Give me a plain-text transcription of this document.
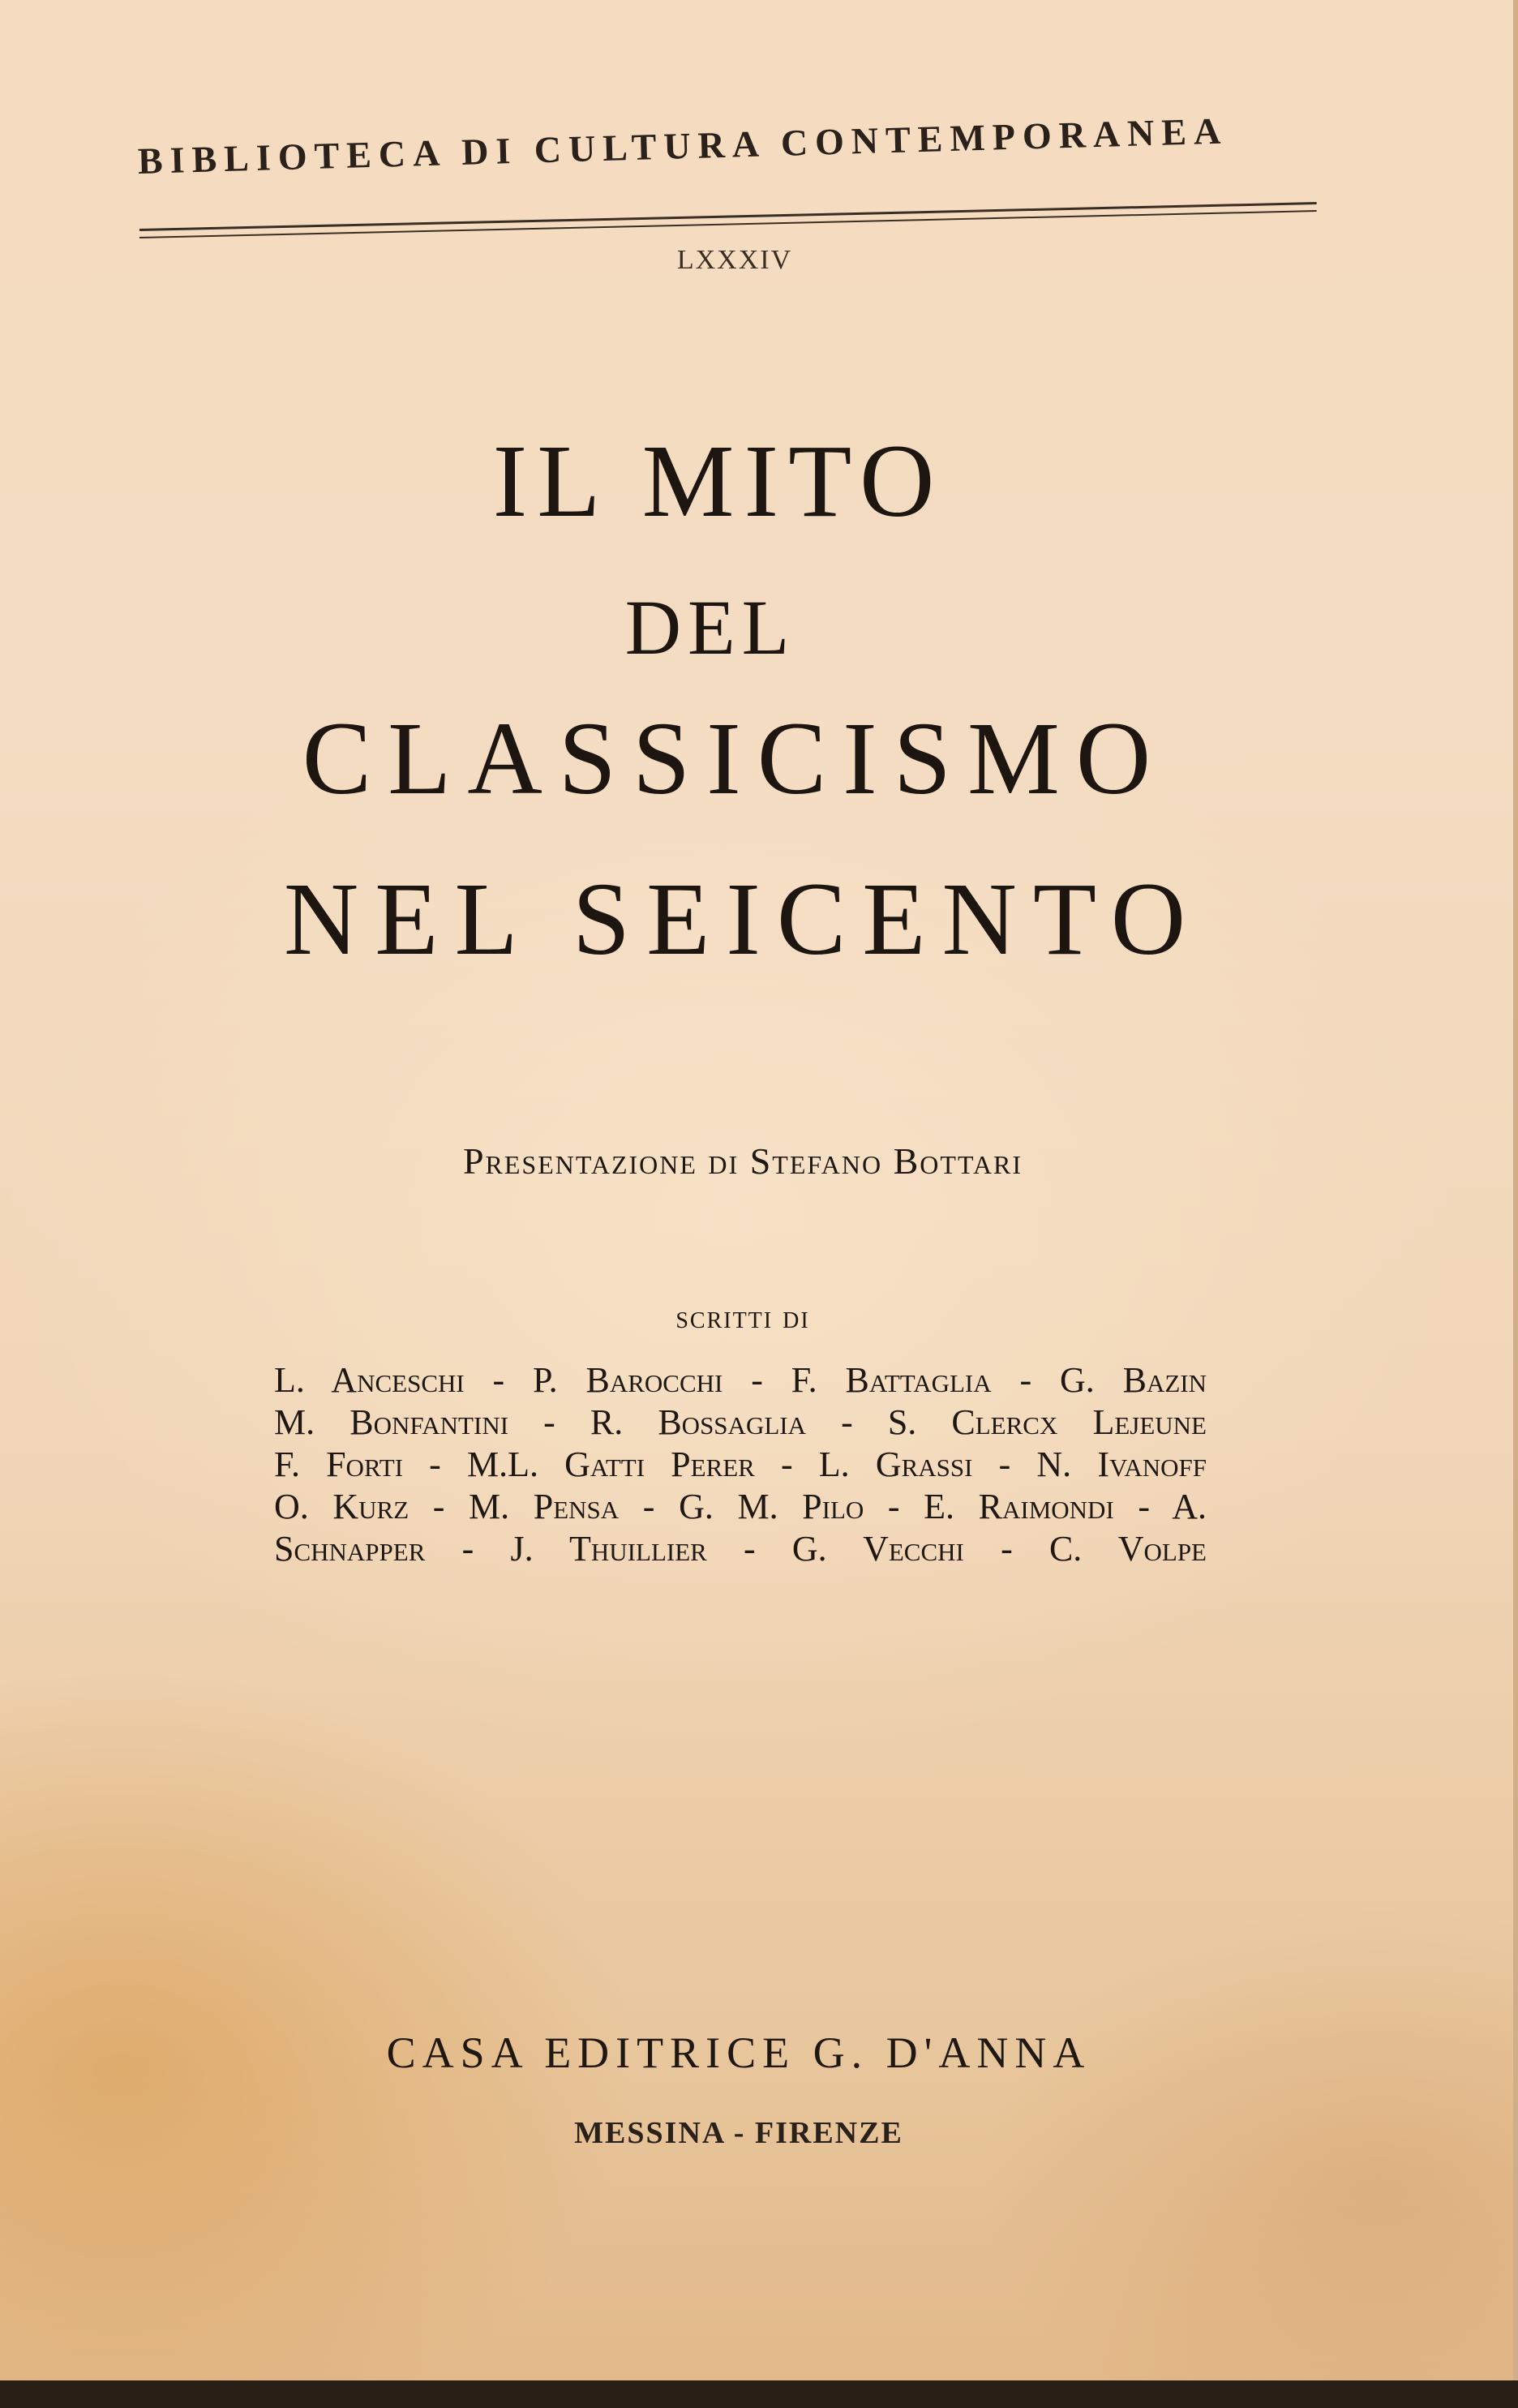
BIBLIOTECA DI CULTURA CONTEMPORANEA
LXXXIV
IL MITO
DEL
CLASSICISMO
NEL SEICENTO
Presentazione di Stefano Bottari
scritti di
L. Anceschi - P. Barocchi - F. Battaglia - G. Bazin
M. Bonfantini - R. Bossaglia - S. Clercx Lejeune
F. Forti - M.L. Gatti Perer - L. Grassi - N. Ivanoff
O. Kurz - M. Pensa - G. M. Pilo - E. Raimondi - A.
Schnapper - J. Thuillier - G. Vecchi - C. Volpe
CASA EDITRICE G. D'ANNA
MESSINA - FIRENZE
